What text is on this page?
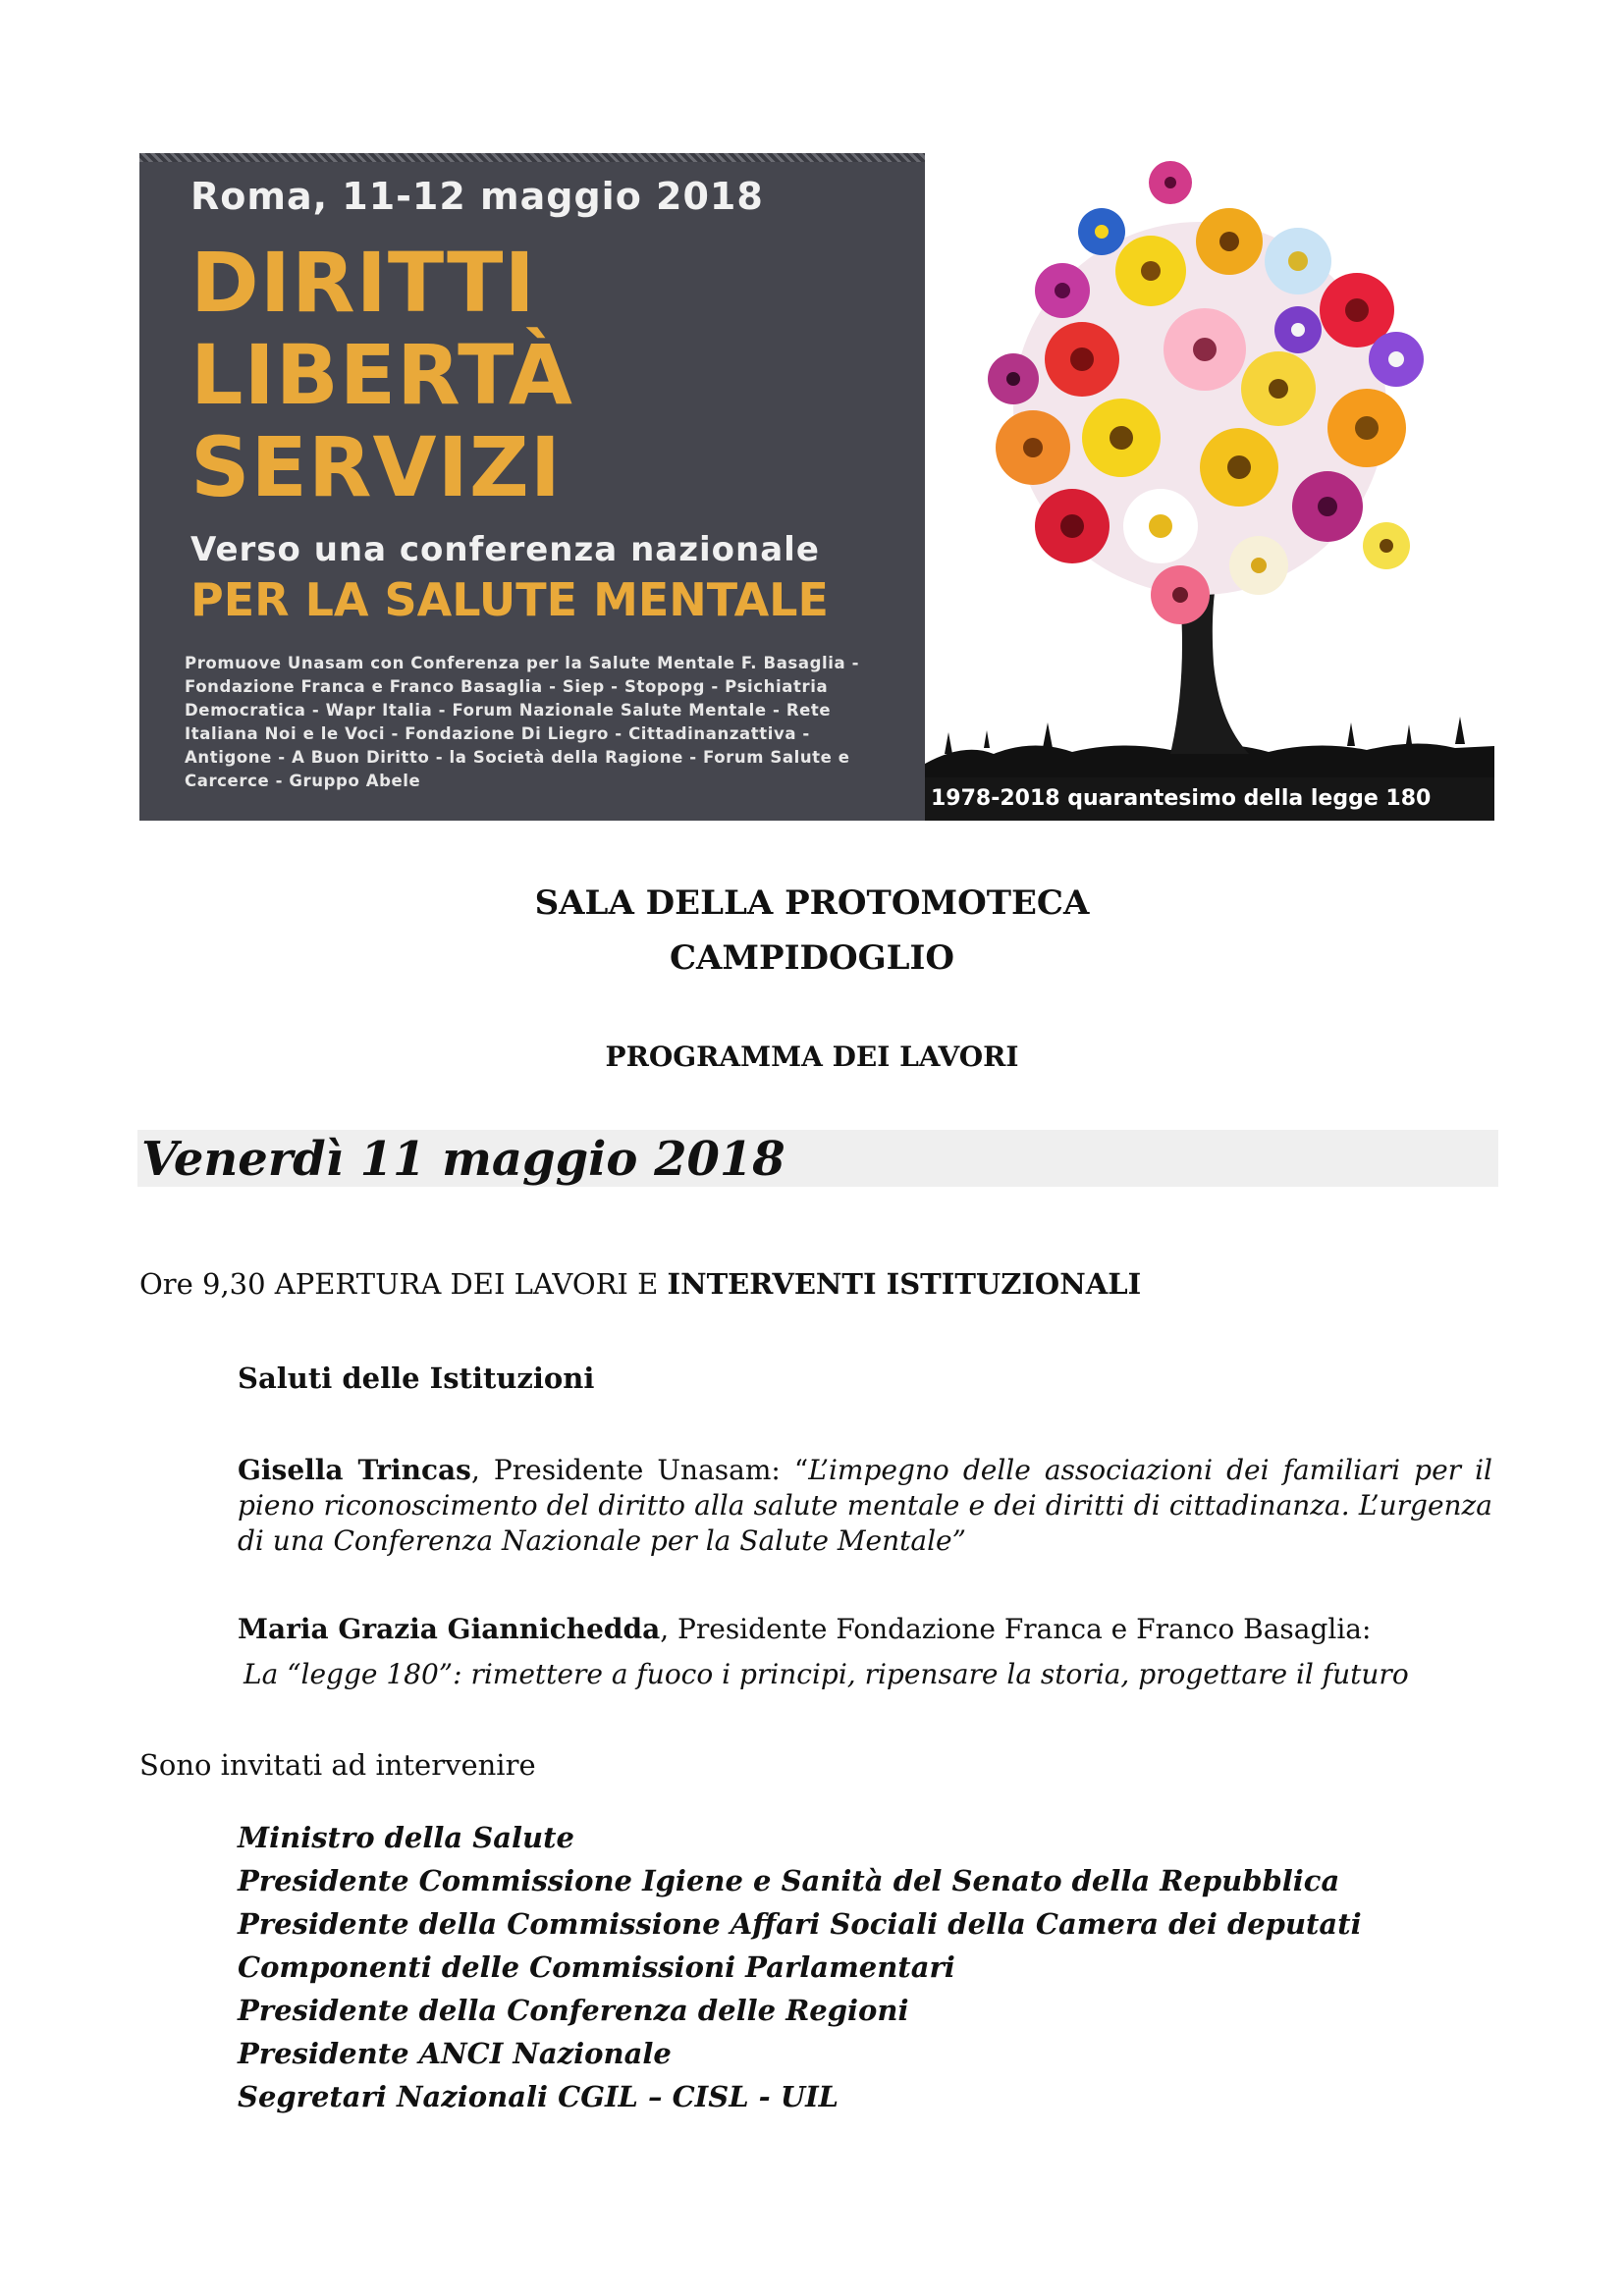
Roma, 11-12 maggio 2018
DIRITTI
LIBERTÀ
SERVIZI
Verso una conferenza nazionale
PER LA SALUTE MENTALE
Promuove Unasam con Conferenza per la Salute Mentale F. Basaglia - Fondazione Franca e Franco Basaglia - Siep - Stopopg - Psichiatria Democratica - Wapr Italia - Forum Nazionale Salute Mentale - Rete Italiana Noi e le Voci - Fondazione Di Liegro - Cittadinanzattiva - Antigone - A Buon Diritto - la Società della Ragione - Forum Salute e Carcerce - Gruppo Abele
1978-2018 quarantesimo della legge 180
SALA DELLA PROTOMOTECA
CAMPIDOGLIO
PROGRAMMA DEI LAVORI
Venerdì 11 maggio 2018
Ore 9,30 APERTURA DEI LAVORI E INTERVENTI ISTITUZIONALI
Saluti delle Istituzioni
Gisella Trincas, Presidente Unasam: “L’impegno delle associazioni dei familiari per il pieno riconoscimento del diritto alla salute mentale e dei diritti di cittadinanza. L’urgenza di una Conferenza Nazionale per la Salute Mentale”
Maria Grazia Giannichedda, Presidente Fondazione Franca e Franco Basaglia:
La “legge 180”: rimettere a fuoco i principi, ripensare la storia, progettare il futuro
Sono invitati ad intervenire
Ministro della Salute
Presidente Commissione Igiene e Sanità del Senato della Repubblica
Presidente della Commissione Affari Sociali della Camera dei deputati
Componenti delle Commissioni Parlamentari
Presidente della Conferenza delle Regioni
Presidente ANCI Nazionale
Segretari Nazionali CGIL – CISL - UIL
